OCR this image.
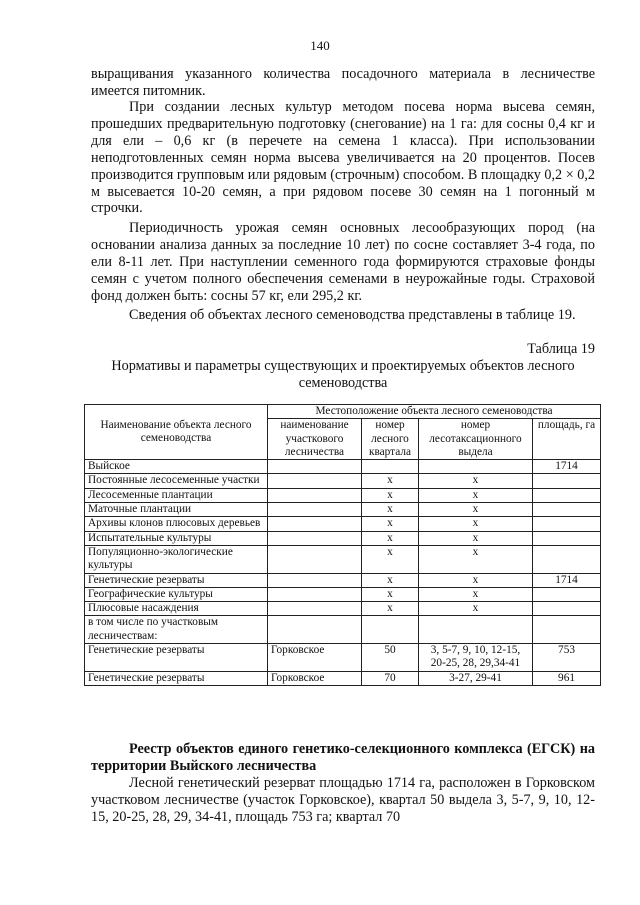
140

выращивания указанного количества посадочного материала в лесничестве имеется питомник.

При создании лесных культур методом посева норма высева семян, прошедших предварительную подготовку (снегование) на 1 га: для сосны 0,4 кг и для ели – 0,6 кг (в перечете на семена 1 класса). При использовании неподготовленных семян норма высева увеличивается на 20 процентов. Посев производится групповым или рядовым (строчным) способом. В площадку 0,2 × 0,2 м высевается 10-20 семян, а при рядовом посеве 30 семян на 1 погонный м строчки.

Периодичность урожая семян основных лесообразующих пород (на основании анализа данных за последние 10 лет) по сосне составляет 3-4 года, по ели 8-11 лет. При наступлении семенного года формируются страховые фонды семян с учетом полного обеспечения семенами в неурожайные годы. Страховой фонд должен быть: сосны 57 кг, ели 295,2 кг.

Сведения об объектах лесного семеноводства представлены в таблице 19.

Таблица 19
Нормативы и параметры существующих и проектируемых объектов лесного семеноводства
Наименование объекта лесного семеноводства	Местоположение объекта лесного семеноводства			
	наименование участкового лесничества	номер лесного квартала	номер лесотаксационного выдела	площадь, га
Выйское				1714
Постоянные лесосеменные участки		х	х	
Лесосеменные плантации		х	х	
Маточные плантации		х	х	
Архивы клонов плюсовых деревьев		х	х	
Испытательные культуры		х	х	
Популяционно-экологические культуры		х	х	
Генетические резерваты		х	х	1714
Географические культуры		х	х	
Плюсовые насаждения		х	х	
в том числе по участковым лесничествам:				
Генетические резерваты	Горковское	50	3, 5-7, 9, 10, 12-15, 20-25, 28, 29,34-41	753
Генетические резерваты	Горковское	70	3-27, 29-41	961
Реестр объектов единого генетико-селекционного комплекса (ЕГСК) на территории Выйского лесничества

Лесной генетический резерват площадью 1714 га, расположен в Горковском участковом лесничестве (участок Горковское), квартал 50 выдела 3, 5-7, 9, 10, 12-15, 20-25, 28, 29, 34-41, площадь 753 га; квартал 70
